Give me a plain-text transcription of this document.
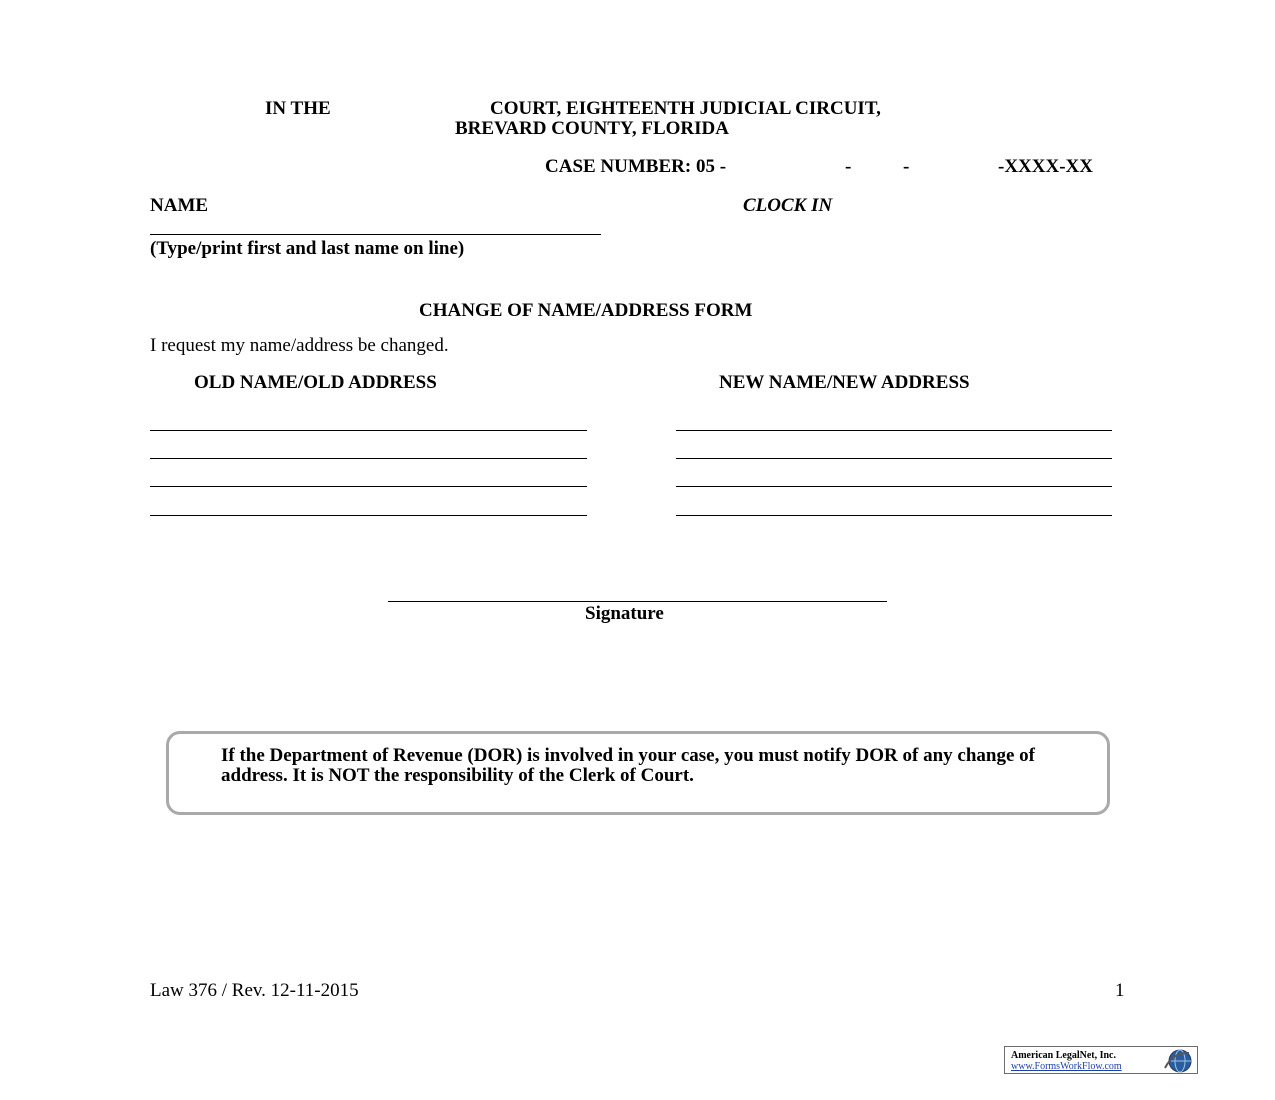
IN THE	COURT, EIGHTEENTH JUDICIAL CIRCUIT,
BREVARD COUNTY, FLORIDA
CASE NUMBER: 05 -	-	-	-XXXX-XX
NAME	CLOCK IN
(Type/print first and last name on line)
CHANGE OF NAME/ADDRESS FORM
I request my name/address be changed.
OLD NAME/OLD ADDRESS	NEW NAME/NEW ADDRESS
Signature
If the Department of Revenue (DOR) is involved in your case, you must notify DOR of any change of address. It is NOT the responsibility of the Clerk of Court.
Law 376 / Rev. 12-11-2015	1
American LegalNet, Inc.
www.FormsWorkFlow.com
